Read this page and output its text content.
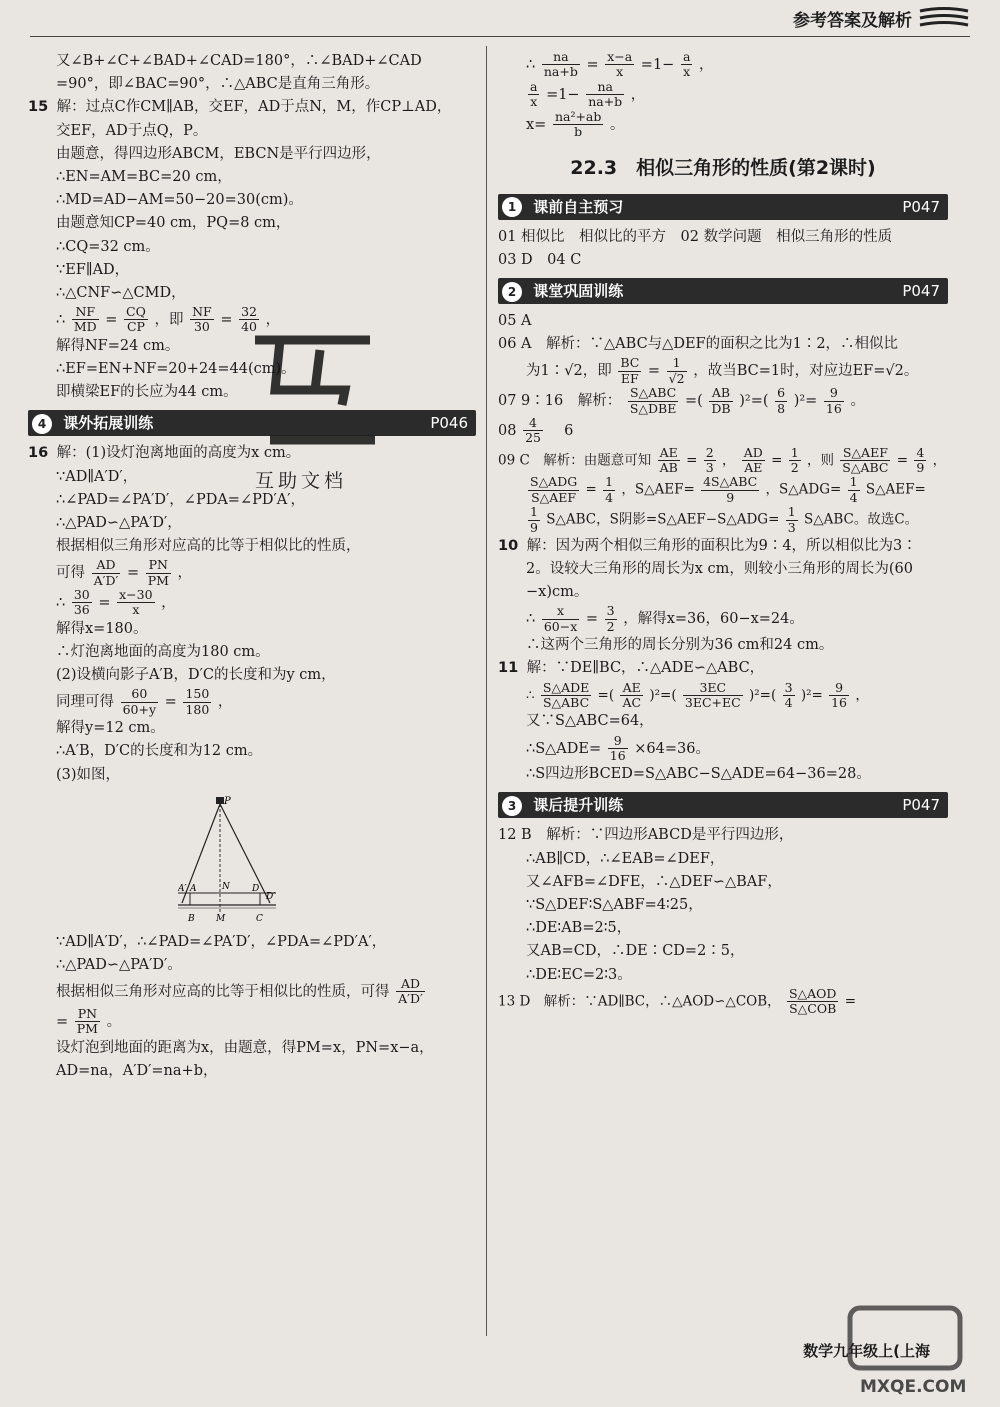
参考答案及解析
又∠B+∠C+∠BAD+∠CAD=180°，∴∠BAD+∠CAD
=90°，即∠BAC=90°，∴△ABC是直角三角形。
15 解：过点C作CM∥AB，交EF，AD于点N，M，作CP⊥AD，
交EF，AD于点Q，P。
由题意，得四边形ABCM，EBCN是平行四边形，
∴EN=AM=BC=20 cm，
∴MD=AD−AM=50−20=30(cm)。
由题意知CP=40 cm，PQ=8 cm，
∴CQ=32 cm。
∵EF∥AD，
∴△CNF∽△CMD，
∴ $\frac{NF}{MD} = \frac{CQ}{CP}$ ，即 $\frac{NF}{30} = \frac{32}{40}$ ，
解得NF=24 cm。
∴EF=EN+NF=20+24=44(cm)。
即横梁EF的长应为44 cm。
4 课外拓展训练	P046
16 解：(1)设灯泡离地面的高度为x cm。
∵AD∥A′D′，
∴∠PAD=∠PA′D′，∠PDA=∠PD′A′，
∴△PAD∽△PA′D′，
根据相似三角形对应高的比等于相似比的性质，
可得 $\frac{AD}{A'D'} = \frac{PN}{PM}$ ，
∴ $\frac{30}{36} = \frac{x-30}{x}$ ，
解得x=180。
∴灯泡离地面的高度为180 cm。
(2)设横向影子A′B，D′C的长度和为y cm，
同理可得 $\frac{60}{60+y} = \frac{150}{180}$ ，
解得y=12 cm。
∴A′B，D′C的长度和为12 cm。
(3)如图，
P
A′ A	N D
D′
B M	C
∵AD∥A′D′，∴∠PAD=∠PA′D′，∠PDA=∠PD′A′，
∴△PAD∽△PA′D′。
根据相似三角形对应高的比等于相似比的性质，可得 $\frac{AD}{A'D'}$
= $\frac{PN}{PM}$ 。
设灯泡到地面的距离为x，由题意，得PM=x，PN=x−a，
AD=na，A′D′=na+b，
∴ $\frac{na}{na+b} = \frac{x-a}{x} =1- \frac{a}{x}$ ，
$\frac{a}{x} =1- \frac{na}{na+b}$ ，
$x= \frac{\text{na²+ab}}{b}$ 。
22.3　相似三角形的性质(第2课时)
1 课前自主预习	P047
01 相似比　相似比的平方　02 数学问题　相似三角形的性质
03 D　04 C
2 课堂巩固训练	P047
05 A
06 A　解析：∵△ABC与△DEF的面积之比为1∶2，∴相似比
为1∶√2，即 $\frac{BC}{EF} = \frac{1}{√2}$ ，故当BC=1时，对应边EF=√2。
07 9∶16　解析： $\frac{\text{S△ABC}}{\text{S△DBE}}$ =( $\frac{AB}{DB} )^2=( \frac{6}{8} )^2= \frac{9}{16}$ 。
$08 \frac{4}{25}$ 　6
09 C　解析：由题意可知 $\frac{AE}{AB} = \frac{2}{3}$ ， $\frac{AD}{AE} = \frac{1}{2}$ ，则 $\frac{\text{S△AEF}}{\text{S△ABC}} = \frac{4}{9}$ ，
$\frac{\text{S△ADG}}{\text{S△AEF}} = \frac{1}{4}$ ，S△AEF= $\frac{\text{4S△ABC}}{9}$ ，S△ADG= $\frac{1}{4}$ S△AEF=
$\frac{1}{9}$ S△ABC，S阴影=S△AEF−S△ADG= $\frac{1}{3}$ S△ABC。故选C。
10 解：因为两个相似三角形的面积比为9∶4，所以相似比为3∶
2。设较大三角形的周长为x cm，则较小三角形的周长为(60
−x)cm。
∴ $\frac{x}{60-x} = \frac{3}{2}$ ，解得x=36，60−x=24。
∴这两个三角形的周长分别为36 cm和24 cm。
11 解：∵DE∥BC，∴△ADE∽△ABC，
∴ $\frac{\text{S△ADE}}{\text{S△ABC}}$ =( $\frac{AE}{AC} )^2=( \frac{3EC}{3EC+EC} )^2=( \frac{3}{4} )^2= \frac{9}{16}$ ，
又∵S△ABC=64，
∴S△ADE= $\frac{9}{16} \times 64=36$。
∴S四边形BCED=S△ABC−S△ADE=64−36=28。
3 课后提升训练	P047
12 B　解析：∵四边形ABCD是平行四边形，
∴AB∥CD，∴∠EAB=∠DEF，
又∠AFB=∠DFE，∴△DEF∽△BAF，
∵S△DEF∶S△ABF=4∶25，
∴DE∶AB=2∶5，
又AB=CD，∴DE∶CD=2∶5，
∴DE∶EC=2∶3。
13 D　解析：∵AD∥BC，∴△AOD∽△COB， $\frac{\text{S△AOD}}{\text{S△COB}}$ =
互助文档
MXQE.COM
数学九年级上(上海
